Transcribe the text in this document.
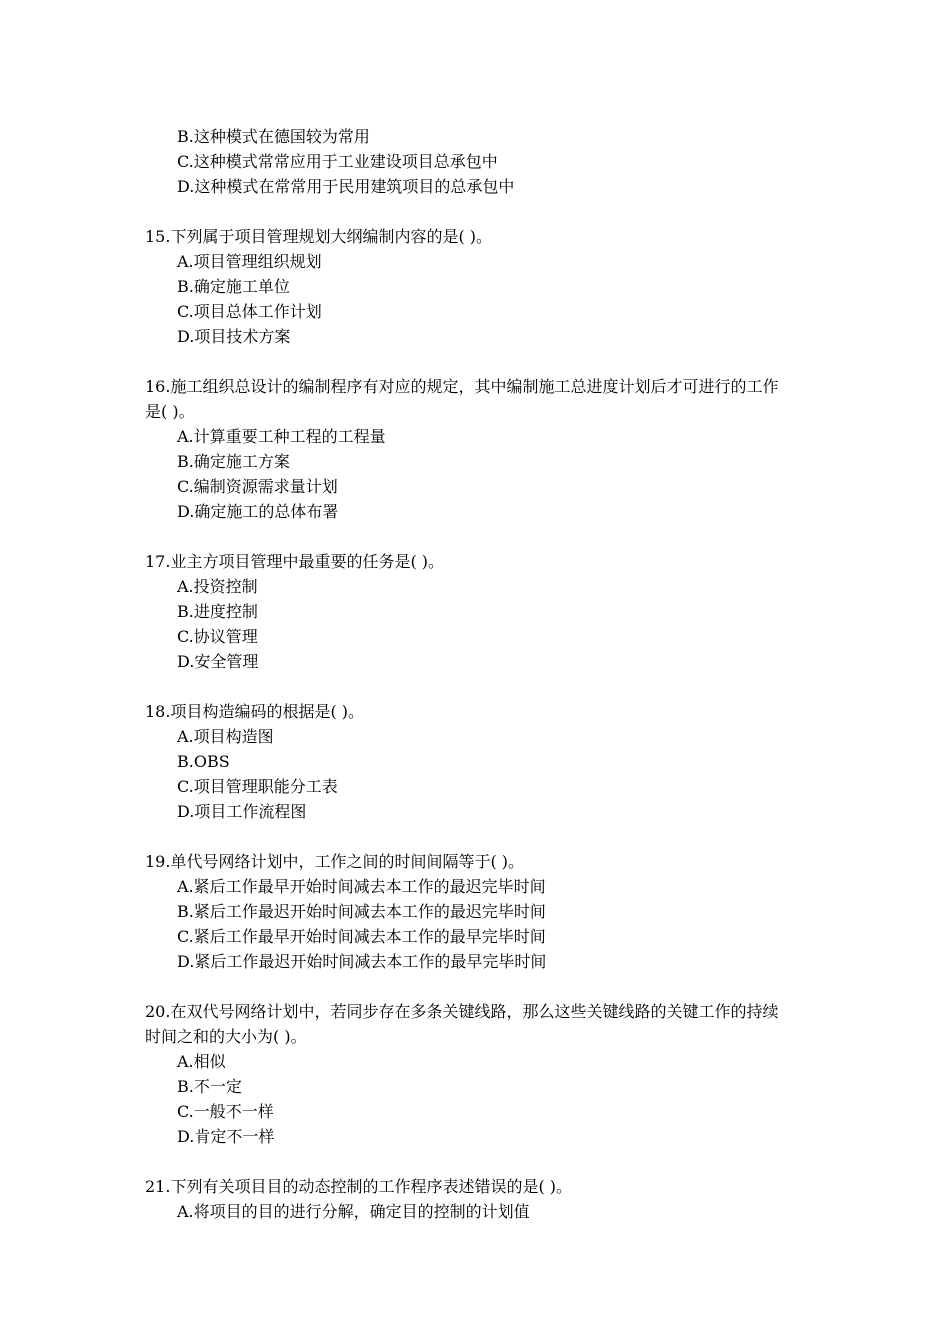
B.这种模式在德国较为常用
C.这种模式常常应用于工业建设项目总承包中
D.这种模式在常常用于民用建筑项目的总承包中
15.下列属于项目管理规划大纲编制内容的是( )。
A.项目管理组织规划
B.确定施工单位
C.项目总体工作计划
D.项目技术方案
16.施工组织总设计的编制程序有对应的规定，其中编制施工总进度计划后才可进行的工作
是( )。
A.计算重要工种工程的工程量
B.确定施工方案
C.编制资源需求量计划
D.确定施工的总体布署
17.业主方项目管理中最重要的任务是( )。
A.投资控制
B.进度控制
C.协议管理
D.安全管理
18.项目构造编码的根据是( )。
A.项目构造图
B.OBS
C.项目管理职能分工表
D.项目工作流程图
19.单代号网络计划中，工作之间的时间间隔等于( )。
A.紧后工作最早开始时间减去本工作的最迟完毕时间
B.紧后工作最迟开始时间减去本工作的最迟完毕时间
C.紧后工作最早开始时间减去本工作的最早完毕时间
D.紧后工作最迟开始时间减去本工作的最早完毕时间
20.在双代号网络计划中，若同步存在多条关键线路，那么这些关键线路的关键工作的持续
时间之和的大小为( )。
A.相似
B.不一定
C.一般不一样
D.肯定不一样
21.下列有关项目目的动态控制的工作程序表述错误的是( )。
A.将项目的目的进行分解，确定目的控制的计划值
